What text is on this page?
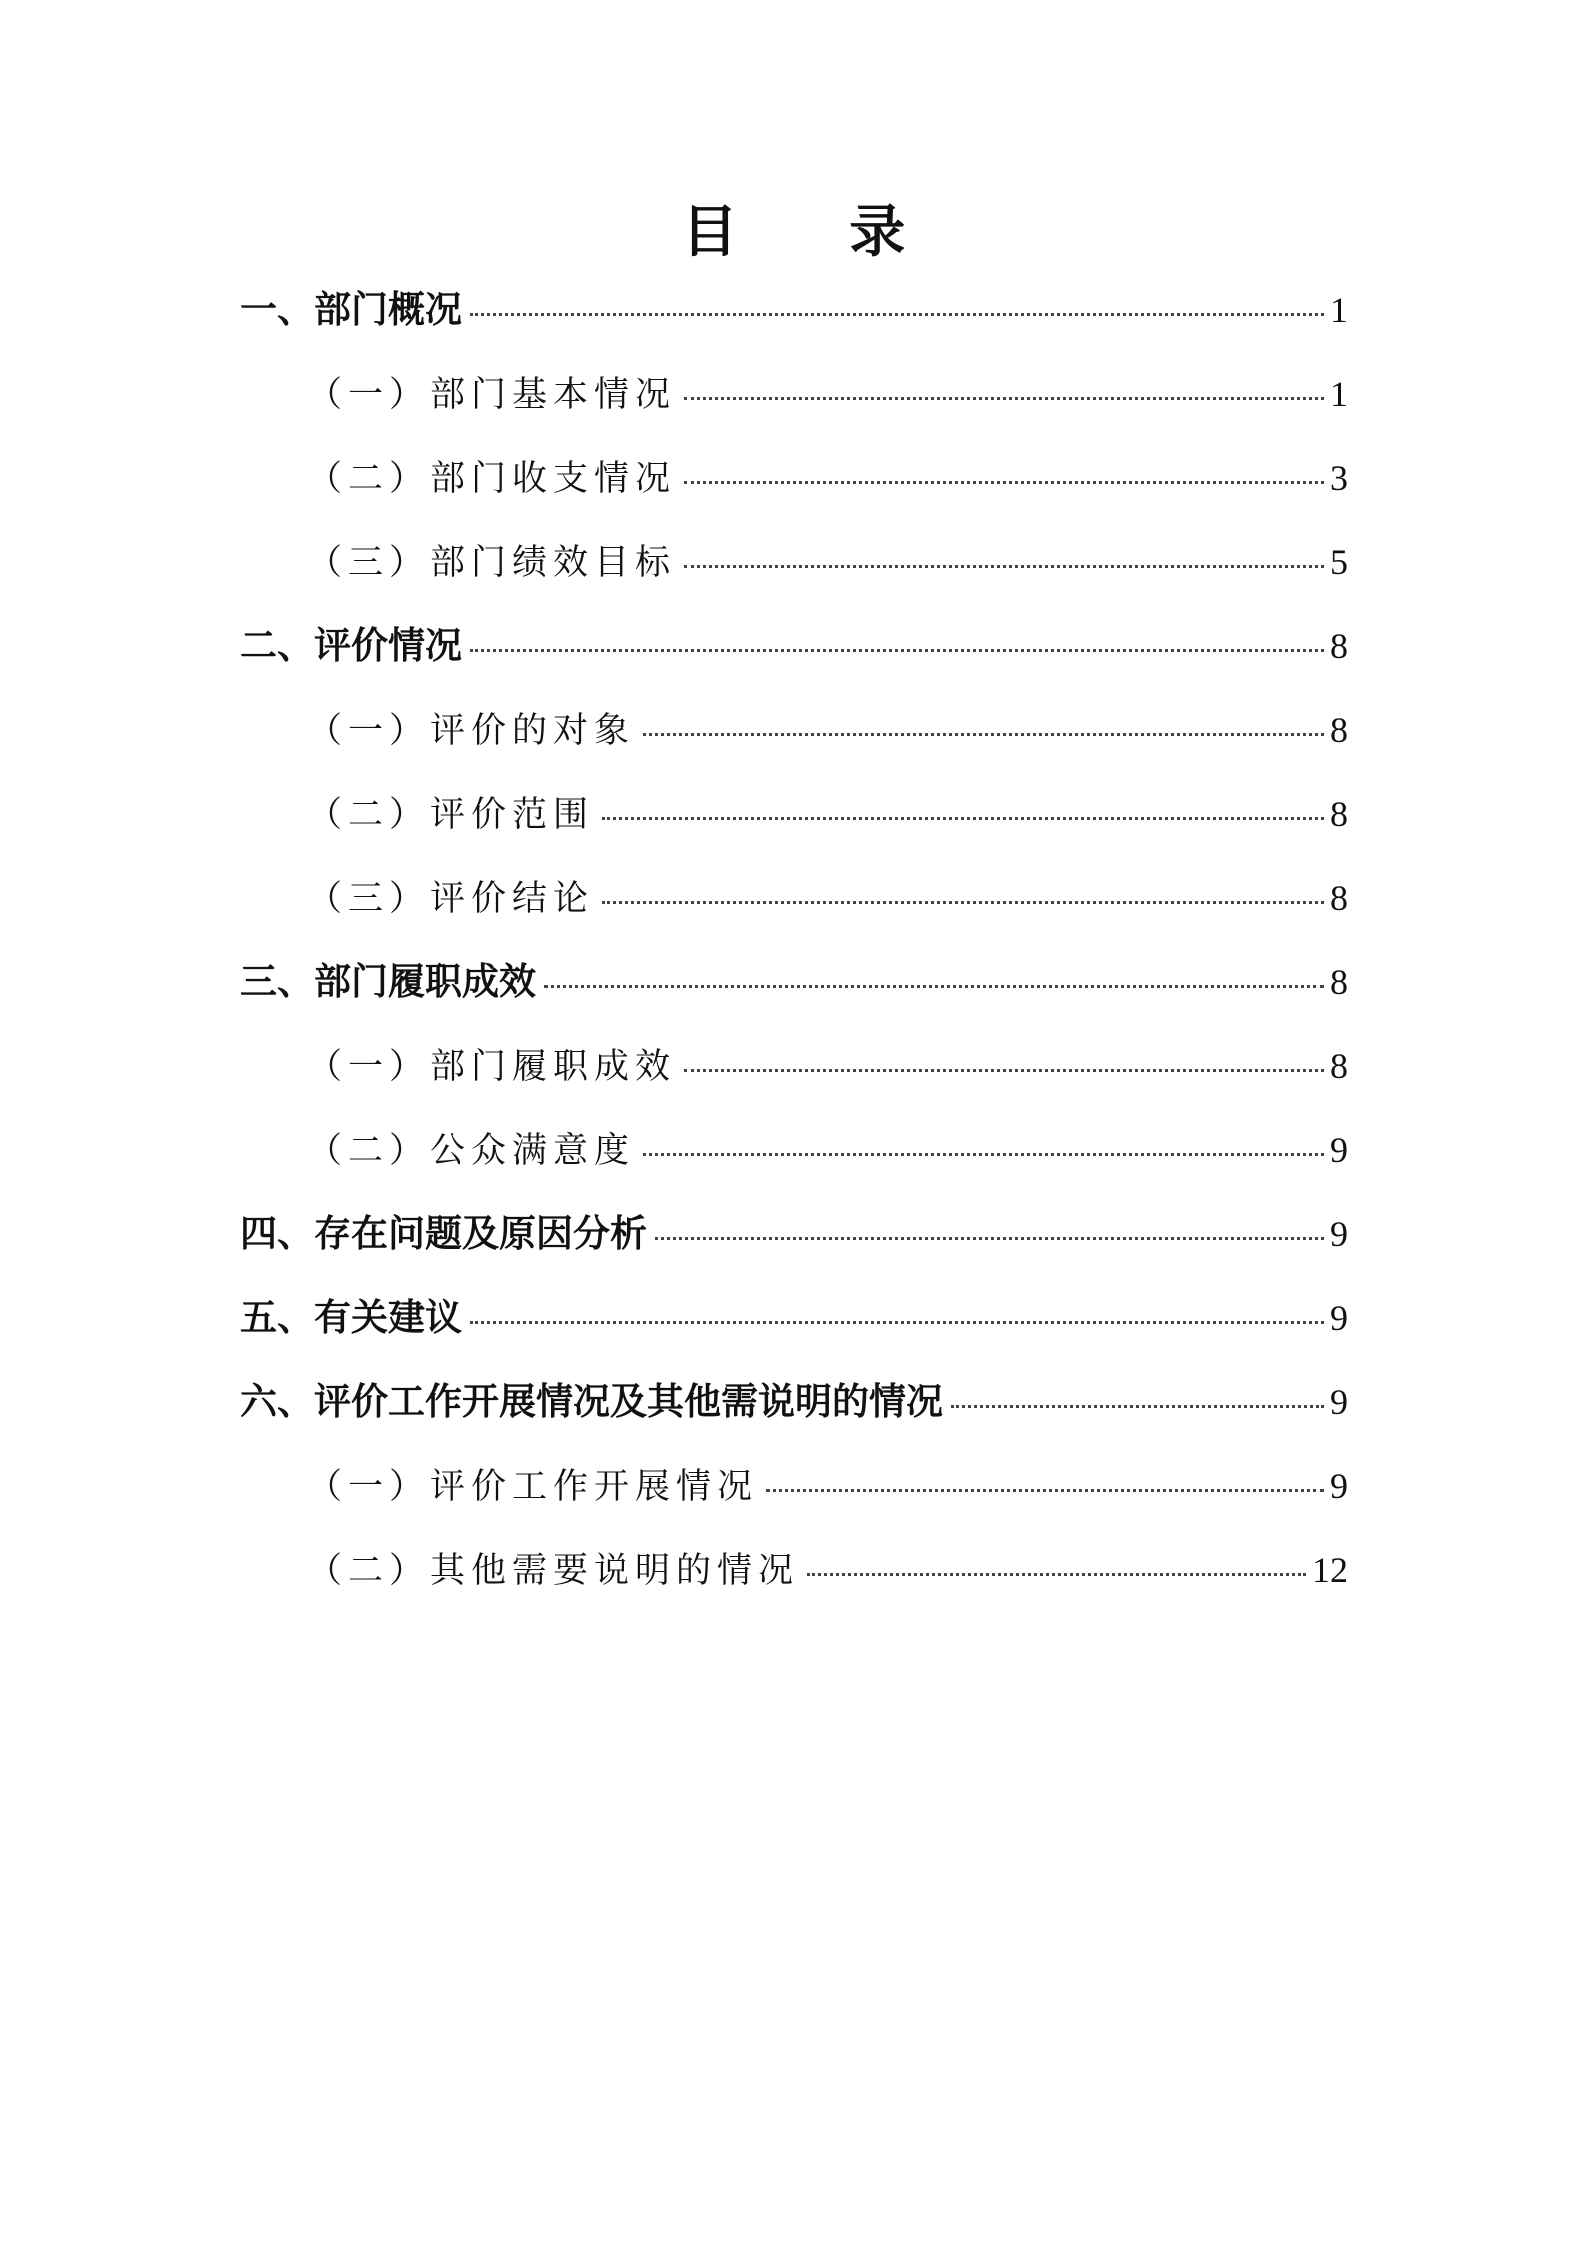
目 录
一、部门概况	1
（一）部门基本情况	1
（二）部门收支情况	3
（三）部门绩效目标	5
二、评价情况	8
（一）评价的对象	8
（二）评价范围	8
（三）评价结论	8
三、部门履职成效	8
（一）部门履职成效	8
（二）公众满意度	9
四、存在问题及原因分析	9
五、有关建议	9
六、评价工作开展情况及其他需说明的情况	9
（一）评价工作开展情况	9
（二）其他需要说明的情况	12
